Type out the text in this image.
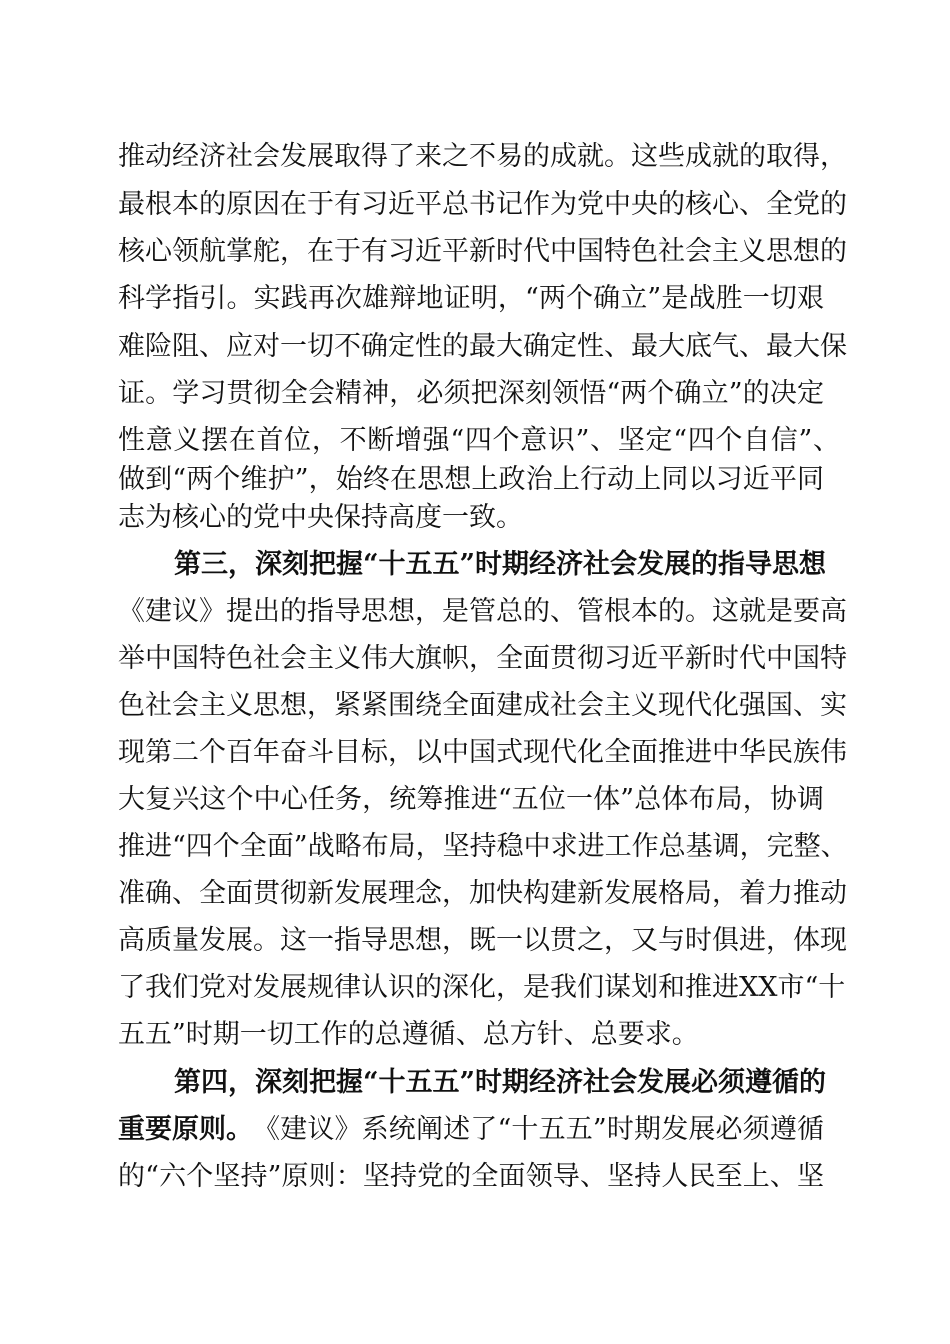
推动经济社会发展取得了来之不易的成就。这些成就的取得，
最根本的原因在于有习近平总书记作为党中央的核心、全党的
核心领航掌舵，在于有习近平新时代中国特色社会主义思想的
科学指引。实践再次雄辩地证明，“两个确立”是战胜一切艰
难险阻、应对一切不确定性的最大确定性、最大底气、最大保
证。学习贯彻全会精神，必须把深刻领悟“两个确立”的决定
性意义摆在首位，不断增强“四个意识”、坚定“四个自信”、
做到“两个维护”，始终在思想上政治上行动上同以习近平同
志为核心的党中央保持高度一致。
第三，深刻把握“十五五”时期经济社会发展的指导思想
《建议》提出的指导思想，是管总的、管根本的。这就是要高
举中国特色社会主义伟大旗帜，全面贯彻习近平新时代中国特
色社会主义思想，紧紧围绕全面建成社会主义现代化强国、实
现第二个百年奋斗目标，以中国式现代化全面推进中华民族伟
大复兴这个中心任务，统筹推进“五位一体”总体布局，协调
推进“四个全面”战略布局，坚持稳中求进工作总基调，完整、
准确、全面贯彻新发展理念，加快构建新发展格局，着力推动
高质量发展。这一指导思想，既一以贯之，又与时俱进，体现
了我们党对发展规律认识的深化，是我们谋划和推进XX市“十
五五”时期一切工作的总遵循、总方针、总要求。
第四，深刻把握“十五五”时期经济社会发展必须遵循的
重要原则。 《建议》系统阐述了“十五五”时期发展必须遵循
的“六个坚持”原则：坚持党的全面领导、坚持人民至上、坚
